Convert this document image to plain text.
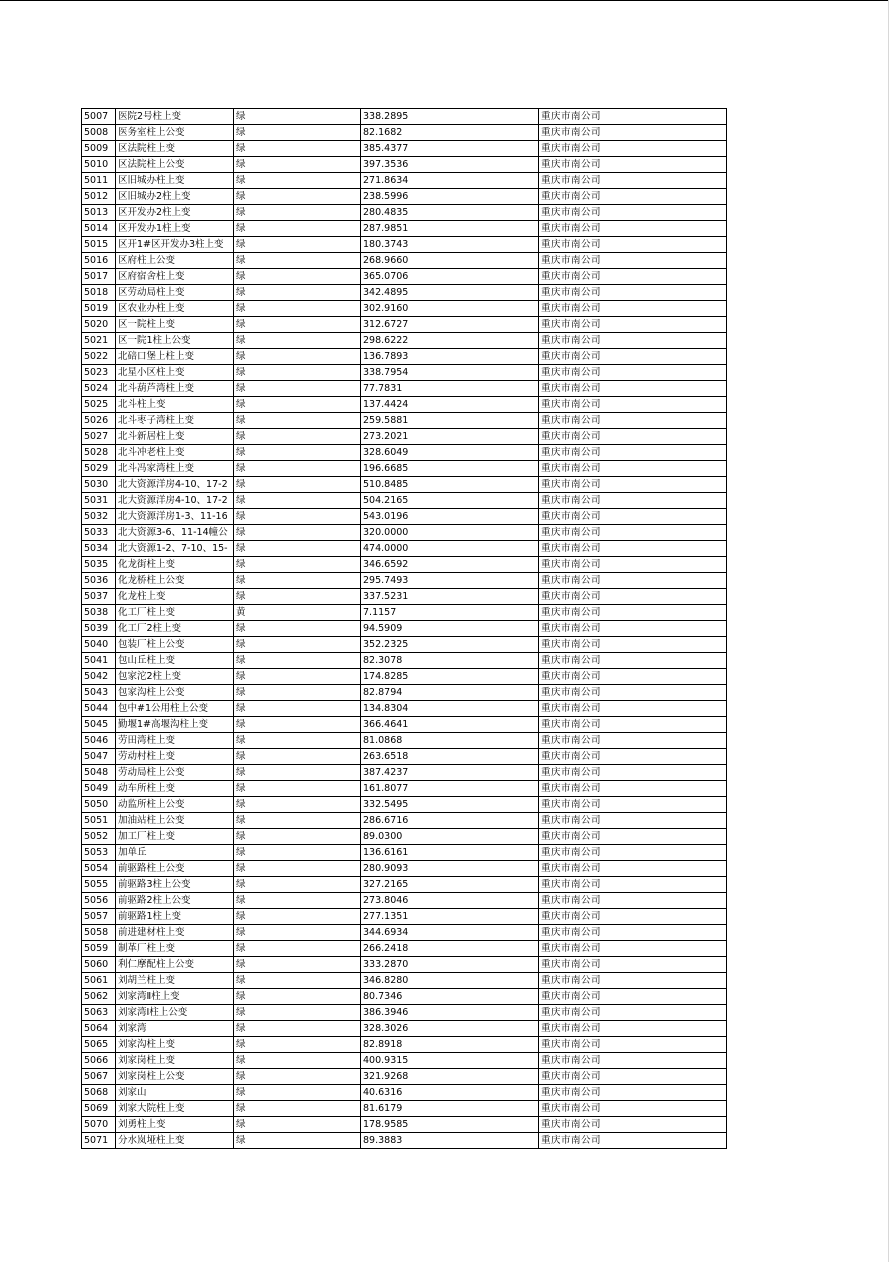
5007	医院2号柱上变	绿	338.2895	重庆市南公司
5008	医务室柱上公变	绿	82.1682	重庆市南公司
5009	区法院柱上变	绿	385.4377	重庆市南公司
5010	区法院柱上公变	绿	397.3536	重庆市南公司
5011	区旧城办柱上变	绿	271.8634	重庆市南公司
5012	区旧城办2柱上变	绿	238.5996	重庆市南公司
5013	区开发办2柱上变	绿	280.4835	重庆市南公司
5014	区开发办1柱上变	绿	287.9851	重庆市南公司
5015	区开1#区开发办3柱上变	绿	180.3743	重庆市南公司
5016	区府柱上公变	绿	268.9660	重庆市南公司
5017	区府宿舍柱上变	绿	365.0706	重庆市南公司
5018	区劳动局柱上变	绿	342.4895	重庆市南公司
5019	区农业办柱上变	绿	302.9160	重庆市南公司
5020	区一院柱上变	绿	312.6727	重庆市南公司
5021	区一院1柱上公变	绿	298.6222	重庆市南公司
5022	北碚口堡上柱上变	绿	136.7893	重庆市南公司
5023	北星小区柱上变	绿	338.7954	重庆市南公司
5024	北斗葫芦湾柱上变	绿	77.7831	重庆市南公司
5025	北斗柱上变	绿	137.4424	重庆市南公司
5026	北斗枣子湾柱上变	绿	259.5881	重庆市南公司
5027	北斗新居柱上变	绿	273.2021	重庆市南公司
5028	北斗冲老柱上变	绿	328.6049	重庆市南公司
5029	北斗冯家湾柱上变	绿	196.6685	重庆市南公司
5030	北大资源洋房4-10、17-2	绿	510.8485	重庆市南公司
5031	北大资源洋房4-10、17-2	绿	504.2165	重庆市南公司
5032	北大资源洋房1-3、11-16	绿	543.0196	重庆市南公司
5033	北大资源3-6、11-14幢公	绿	320.0000	重庆市南公司
5034	北大资源1-2、7-10、15-	绿	474.0000	重庆市南公司
5035	化龙街柱上变	绿	346.6592	重庆市南公司
5036	化龙桥柱上公变	绿	295.7493	重庆市南公司
5037	化龙柱上变	绿	337.5231	重庆市南公司
5038	化工厂柱上变	黄	7.1157	重庆市南公司
5039	化工厂2柱上变	绿	94.5909	重庆市南公司
5040	包装厂柱上公变	绿	352.2325	重庆市南公司
5041	包山丘柱上变	绿	82.3078	重庆市南公司
5042	包家沱2柱上变	绿	174.8285	重庆市南公司
5043	包家沟柱上公变	绿	82.8794	重庆市南公司
5044	包中#1公用柱上公变	绿	134.8304	重庆市南公司
5045	勤堰1#高堰沟柱上变	绿	366.4641	重庆市南公司
5046	劳田湾柱上变	绿	81.0868	重庆市南公司
5047	劳动村柱上变	绿	263.6518	重庆市南公司
5048	劳动局柱上公变	绿	387.4237	重庆市南公司
5049	动车所柱上变	绿	161.8077	重庆市南公司
5050	动监所柱上公变	绿	332.5495	重庆市南公司
5051	加油站柱上公变	绿	286.6716	重庆市南公司
5052	加工厂柱上变	绿	89.0300	重庆市南公司
5053	加单丘	绿	136.6161	重庆市南公司
5054	前驱路柱上公变	绿	280.9093	重庆市南公司
5055	前驱路3柱上公变	绿	327.2165	重庆市南公司
5056	前驱路2柱上公变	绿	273.8046	重庆市南公司
5057	前驱路1柱上变	绿	277.1351	重庆市南公司
5058	前进建材柱上变	绿	344.6934	重庆市南公司
5059	制革厂柱上变	绿	266.2418	重庆市南公司
5060	利仁摩配柱上公变	绿	333.2870	重庆市南公司
5061	刘胡兰柱上变	绿	346.8280	重庆市南公司
5062	刘家湾Ⅱ柱上变	绿	80.7346	重庆市南公司
5063	刘家湾Ⅰ柱上公变	绿	386.3946	重庆市南公司
5064	刘家湾	绿	328.3026	重庆市南公司
5065	刘家沟柱上变	绿	82.8918	重庆市南公司
5066	刘家岗柱上变	绿	400.9315	重庆市南公司
5067	刘家岗柱上公变	绿	321.9268	重庆市南公司
5068	刘家山	绿	40.6316	重庆市南公司
5069	刘家大院柱上变	绿	81.6179	重庆市南公司
5070	刘勇柱上变	绿	178.9585	重庆市南公司
5071	分水岚垭柱上变	绿	89.3883	重庆市南公司
